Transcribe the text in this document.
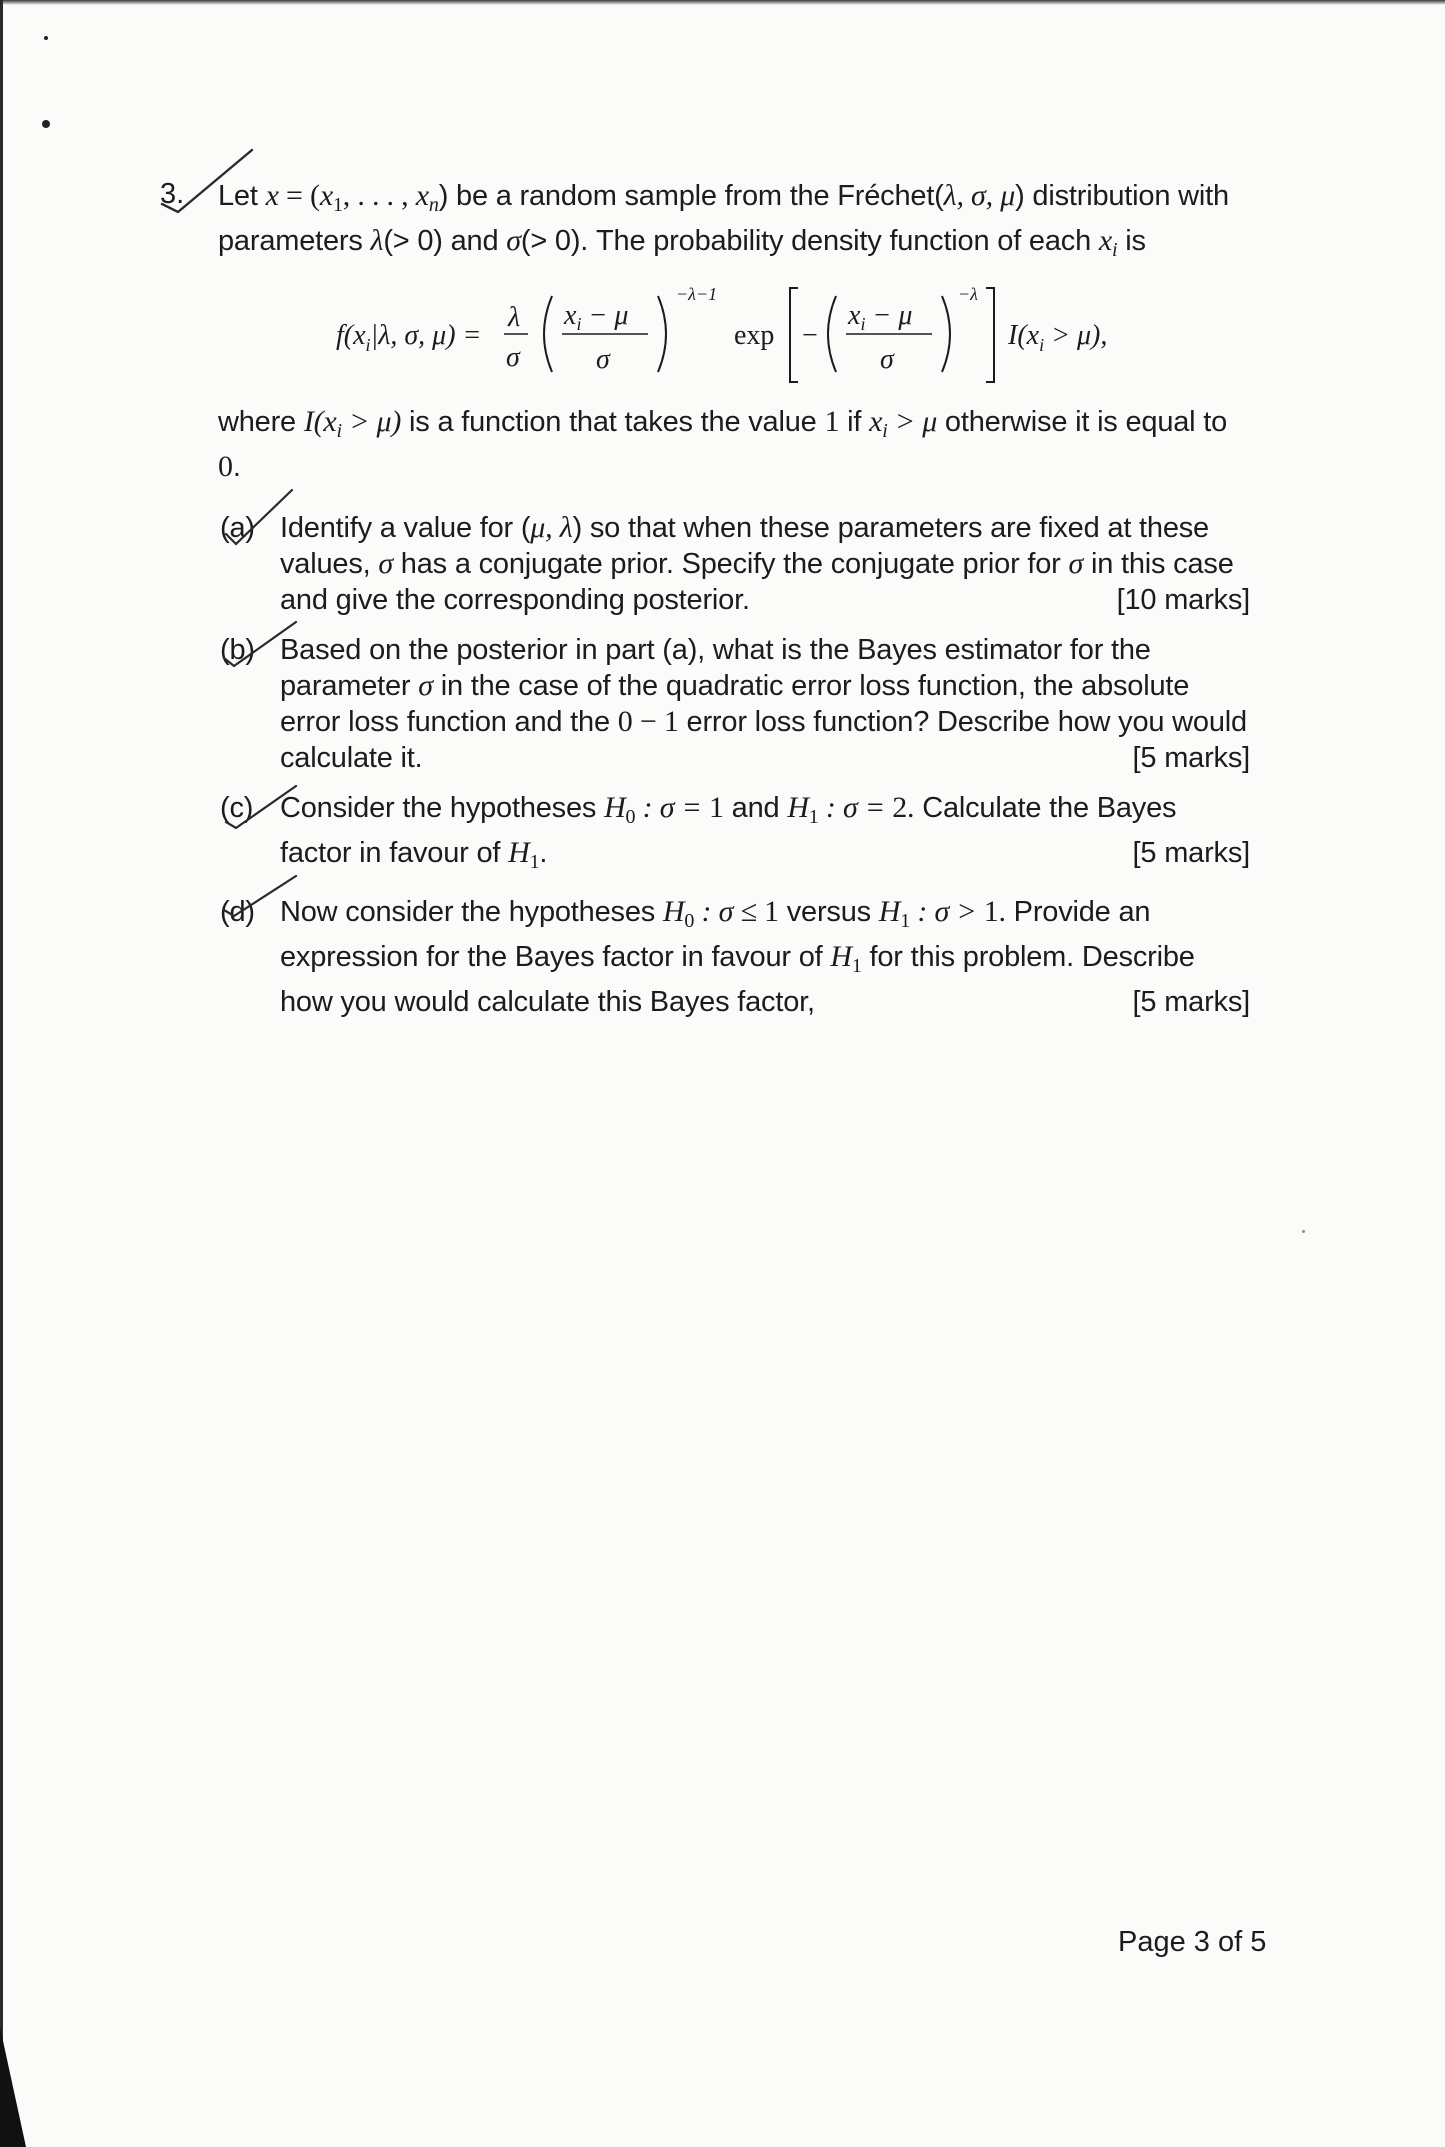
3. Let $x = (x_1$, . . . , $x_n$) be a random sample from the Fréchet(λ, σ, μ) distribution with parameters λ(> 0) and σ(> 0). The probability density function of each $x_i$ is
$f(x_i|\lambda$, σ, μ) =
λ
σ
$x_i - \mu$
σ
−λ−1
exp −
$x_i - \mu$
σ
−λ
$I(x_i > \mu)$,
where $I(x_i > \mu)$ is a function that takes the value 1 if $x_i > \mu$ otherwise it is equal to 0.
(a) Identify a value for (μ, λ) so that when these parameters are fixed at these values, σ has a conjugate prior. Specify the conjugate prior for σ in this case and give the corresponding posterior.	[10 marks]
(b) Based on the posterior in part (a), what is the Bayes estimator for the parameter σ in the case of the quadratic error loss function, the absolute error loss function and the 0 − 1 error loss function? Describe how you would calculate it.	[5 marks]
(c) Consider the hypotheses $H_0$ : σ = 1 and $H_1$ : σ = 2. Calculate the Bayes factor in favour of $H_1$.	[5 marks]
(d) Now consider the hypotheses $H_0$ : σ ≤ 1 versus $H_1$ : σ > 1. Provide an expression for the Bayes factor in favour of $H_1$ for this problem. Describe how you would calculate this Bayes factor,	[5 marks]
Page 3 of 5
